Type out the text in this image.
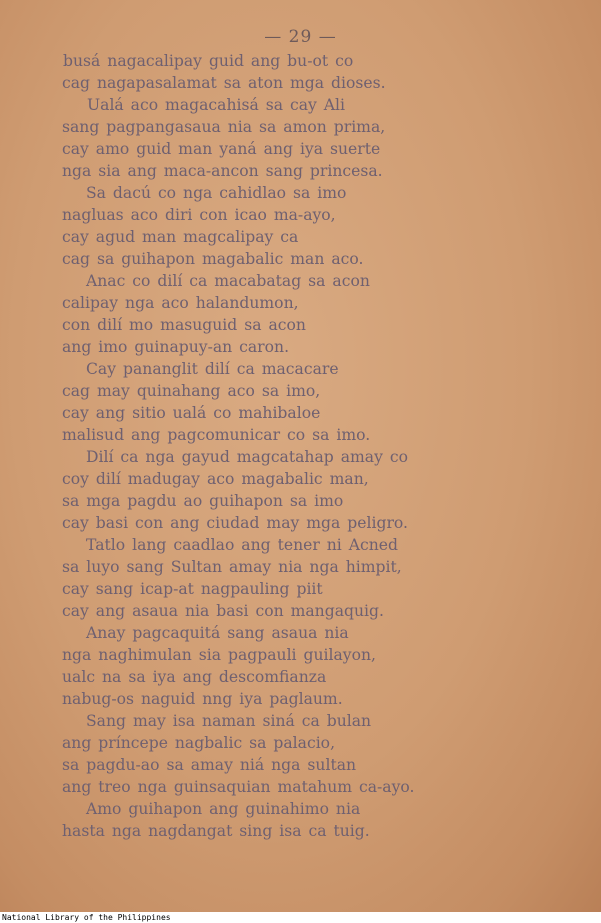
— 29 —
busá nagacalipay guid ang bu-ot co
cag nagapasalamat sa aton mga dioses.
Ualá aco magacahisá sa cay Ali
sang pagpangasaua nia sa amon prima,
cay amo guid man yaná ang iya suerte
nga sia ang maca-ancon sang princesa.
Sa dacú co nga cahidlao sa imo
nagluas aco diri con icao ma-ayo,
cay agud man magcalipay ca
cag sa guihapon magabalic man aco.
Anac co dilí ca macabatag sa acon
calipay nga aco halandumon,
con dilí mo masuguid sa acon
ang imo guinapuy-an caron.
Cay pananglit dilí ca macacare
cag may quinahang aco sa imo,
cay ang sitio ualá co mahibaloe
malisud ang pagcomunicar co sa imo.
Dilí ca nga gayud magcatahap amay co
coy dilí madugay aco magabalic man,
sa mga pagdu ao guihapon sa imo
cay basi con ang ciudad may mga peligro.
Tatlo lang caadlao ang tener ni Acned
sa luyo sang Sultan amay nia nga himpit,
cay sang icap-at nagpauling piit
cay ang asaua nia basi con mangaquig.
Anay pagcaquitá sang asaua nia
nga naghimulan sia pagpauli guilayon,
ualc na sa iya ang descomfianza
nabug-os naguid nng iya paglaum.
Sang may isa naman siná ca bulan
ang príncepe nagbalic sa palacio,
sa pagdu-ao sa amay niá nga sultan
ang treo nga guinsaquian matahum ca-ayo.
Amo guihapon ang guinahimo nia
hasta nga nagdangat sing isa ca tuig.
National Library of the Philippines
